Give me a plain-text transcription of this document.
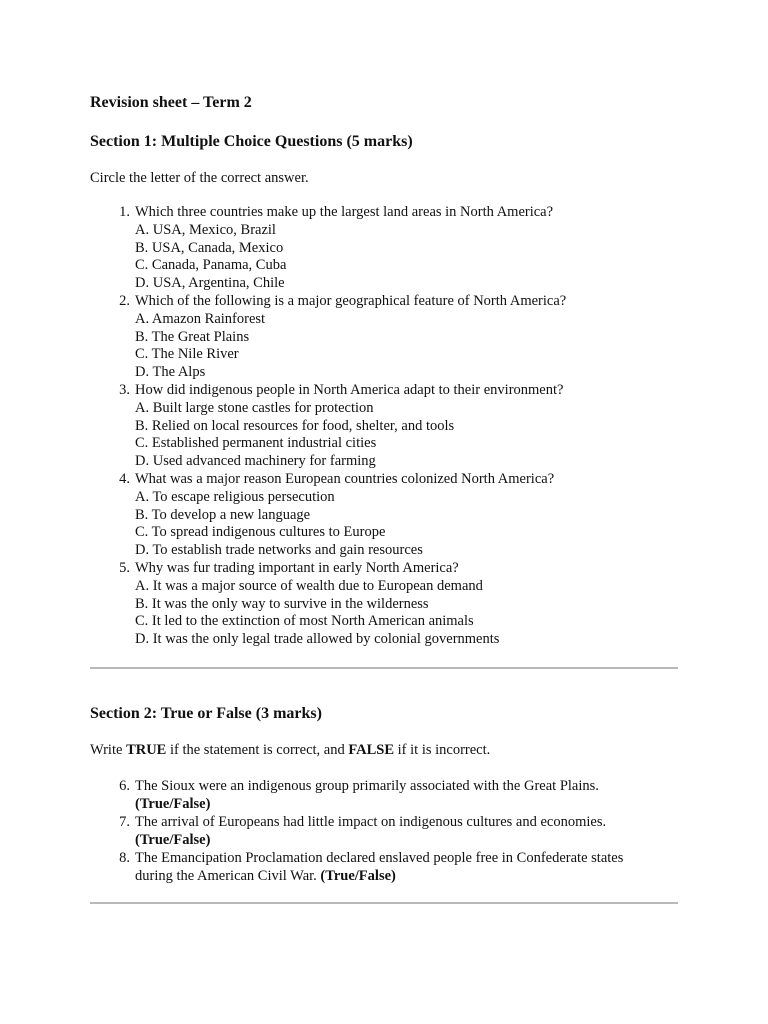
Revision sheet – Term 2
Section 1: Multiple Choice Questions (5 marks)

Circle the letter of the correct answer.

1. Which three countries make up the largest land areas in North America?
A. USA, Mexico, Brazil
B. USA, Canada, Mexico
C. Canada, Panama, Cuba
D. USA, Argentina, Chile
2. Which of the following is a major geographical feature of North America?
A. Amazon Rainforest
B. The Great Plains
C. The Nile River
D. The Alps
3. How did indigenous people in North America adapt to their environment?
A. Built large stone castles for protection
B. Relied on local resources for food, shelter, and tools
C. Established permanent industrial cities
D. Used advanced machinery for farming
4. What was a major reason European countries colonized North America?
A. To escape religious persecution
B. To develop a new language
C. To spread indigenous cultures to Europe
D. To establish trade networks and gain resources
5. Why was fur trading important in early North America?
A. It was a major source of wealth due to European demand
B. It was the only way to survive in the wilderness
C. It led to the extinction of most North American animals
D. It was the only legal trade allowed by colonial governments
Section 2: True or False (3 marks)

Write TRUE if the statement is correct, and FALSE if it is incorrect.

6. The Sioux were an indigenous group primarily associated with the Great Plains.
(True/False)
7. The arrival of Europeans had little impact on indigenous cultures and economies.
(True/False)
8. The Emancipation Proclamation declared enslaved people free in Confederate states
during the American Civil War. (True/False)
